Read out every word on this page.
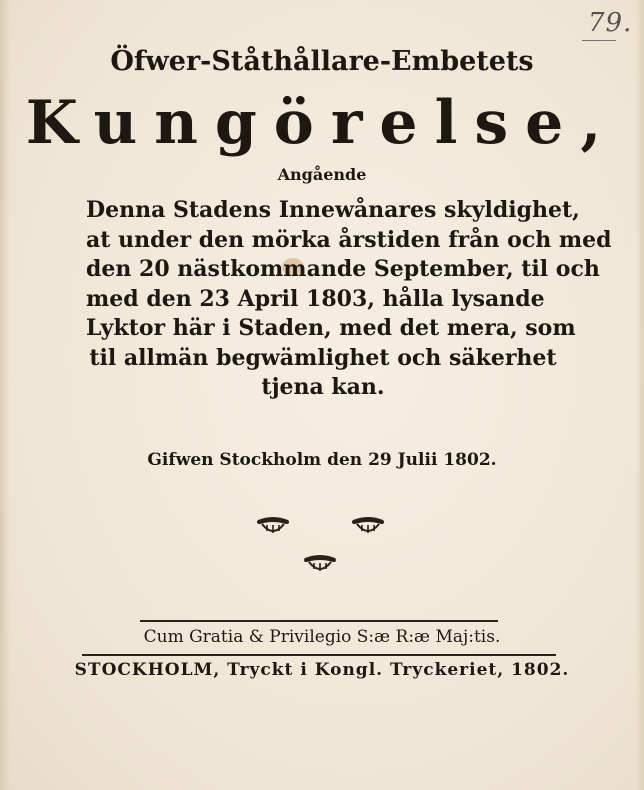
79.
Öfwer-Ståthållare-Embetets
Kungörelse,
Angående
Denna Stadens Innewånares skyldighet,
at under den mörka årstiden från och med
den 20 nästkommande September, til och
med den 23 April 1803, hålla lysande
Lyktor här i Staden, med det mera, som
til allmän begwämlighet och säkerhet
tjena kan.
Gifwen Stockholm den 29 Julii 1802.
Cum Gratia & Privilegio S:æ R:æ Maj:tis.
STOCKHOLM, Tryckt i Kongl. Tryckeriet, 1802.
